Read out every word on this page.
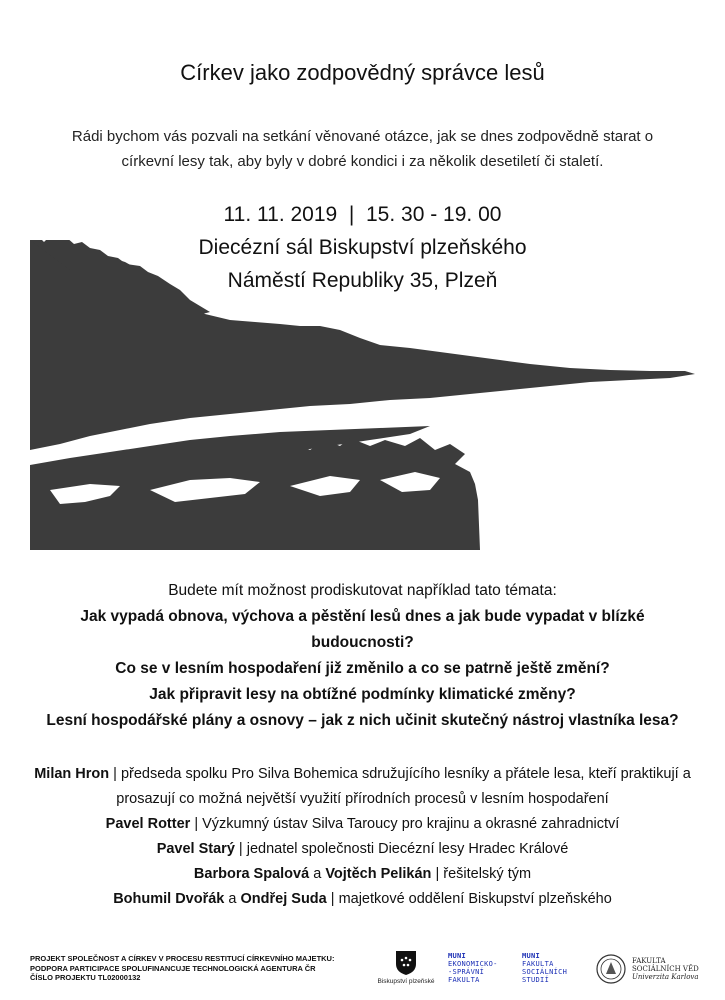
Církev jako zodpovědný správce lesů
Rádi bychom vás pozvali na setkání věnované otázce, jak se dnes zodpovědně starat o
církevní lesy tak, aby byly v dobré kondici i za několik desetiletí či staletí.
11. 11. 2019  |  15. 30 - 19. 00
Diecézní sál Biskupství plzeňského
Náměstí Republiky 35, Plzeň
Budete mít možnost prodiskutovat například tato témata:
Jak vypadá obnova, výchova a pěstění lesů dnes a jak bude vypadat v blízké budoucnosti?
Co se v lesním hospodaření již změnilo a co se patrně ještě změní?
Jak připravit lesy na obtížné podmínky klimatické změny?
Lesní hospodářské plány a osnovy – jak z nich učinit skutečný nástroj vlastníka lesa?
Milan Hron | předseda spolku Pro Silva Bohemica sdružujícího lesníky a přátele lesa, kteří praktikují a prosazují co možná největší využití přírodních procesů v lesním hospodaření
Pavel Rotter | Výzkumný ústav Silva Taroucy pro krajinu a okrasné zahradnictví
Pavel Starý | jednatel společnosti Diecézní lesy Hradec Králové
Barbora Spalová a Vojtěch Pelikán | řešitelský tým
Bohumil Dvořák a Ondřej Suda | majetkové oddělení Biskupství plzeňského
PROJEKT SPOLEČNOST A CÍRKEV V PROCESU RESTITUCÍ CÍRKEVNÍHO MAJETKU:
PODPORA PARTICIPACE SPOLUFINANCUJE TECHNOLOGICKÁ AGENTURA ČR
ČÍSLO PROJEKTU TL02000132	Biskupství plzeňské
MUNI
EKONOMICKO-
-SPRÁVNÍ
FAKULTA
MUNI
FAKULTA
SOCIÁLNÍCH
STUDIÍ
FAKULTA
SOCIÁLNÍCH VĚD
Univerzita Karlova
